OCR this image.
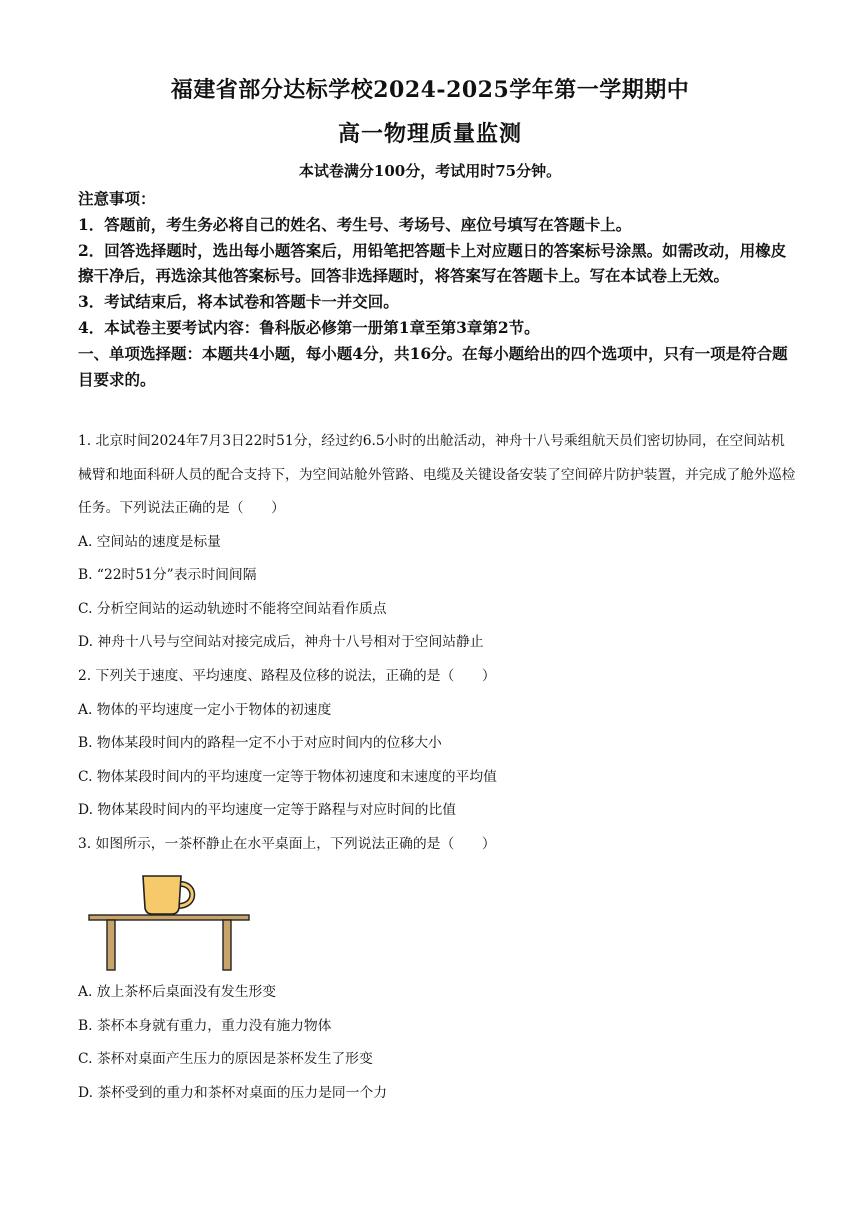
福建省部分达标学校2024-2025学年第一学期期中
高一物理质量监测
本试卷满分100分，考试用时75分钟。

注意事项：

1．答题前，考生务必将自己的姓名、考生号、考场号、座位号填写在答题卡上。

2．回答选择题时，选出每小题答案后，用铅笔把答题卡上对应题日的答案标号涂黑。如需改动，用橡皮擦干净后，再选涂其他答案标号。回答非选择题时，将答案写在答题卡上。写在本试卷上无效。

3．考试结束后，将本试卷和答题卡一并交回。

4．本试卷主要考试内容：鲁科版必修第一册第1章至第3章第2节。

一、单项选择题：本题共4小题，每小题4分，共16分。在每小题给出的四个选项中，只有一项是符合题目要求的。

1. 北京时间2024年7月3日22时51分，经过约6.5小时的出舱活动，神舟十八号乘组航天员们密切协同，在空间站机械臂和地面科研人员的配合支持下，为空间站舱外管路、电缆及关键设备安装了空间碎片防护装置，并完成了舱外巡检任务。下列说法正确的是（　　）

A. 空间站的速度是标量

B. “22时51分”表示时间间隔

C. 分析空间站的运动轨迹时不能将空间站看作质点

D. 神舟十八号与空间站对接完成后，神舟十八号相对于空间站静止

2. 下列关于速度、平均速度、路程及位移的说法，正确的是（　　）

A. 物体的平均速度一定小于物体的初速度

B. 物体某段时间内的路程一定不小于对应时间内的位移大小

C. 物体某段时间内的平均速度一定等于物体初速度和末速度的平均值

D. 物体某段时间内的平均速度一定等于路程与对应时间的比值

3. 如图所示，一茶杯静止在水平桌面上，下列说法正确的是（　　）

A. 放上茶杯后桌面没有发生形变

B. 茶杯本身就有重力，重力没有施力物体

C. 茶杯对桌面产生压力的原因是茶杯发生了形变

D. 茶杯受到的重力和茶杯对桌面的压力是同一个力
